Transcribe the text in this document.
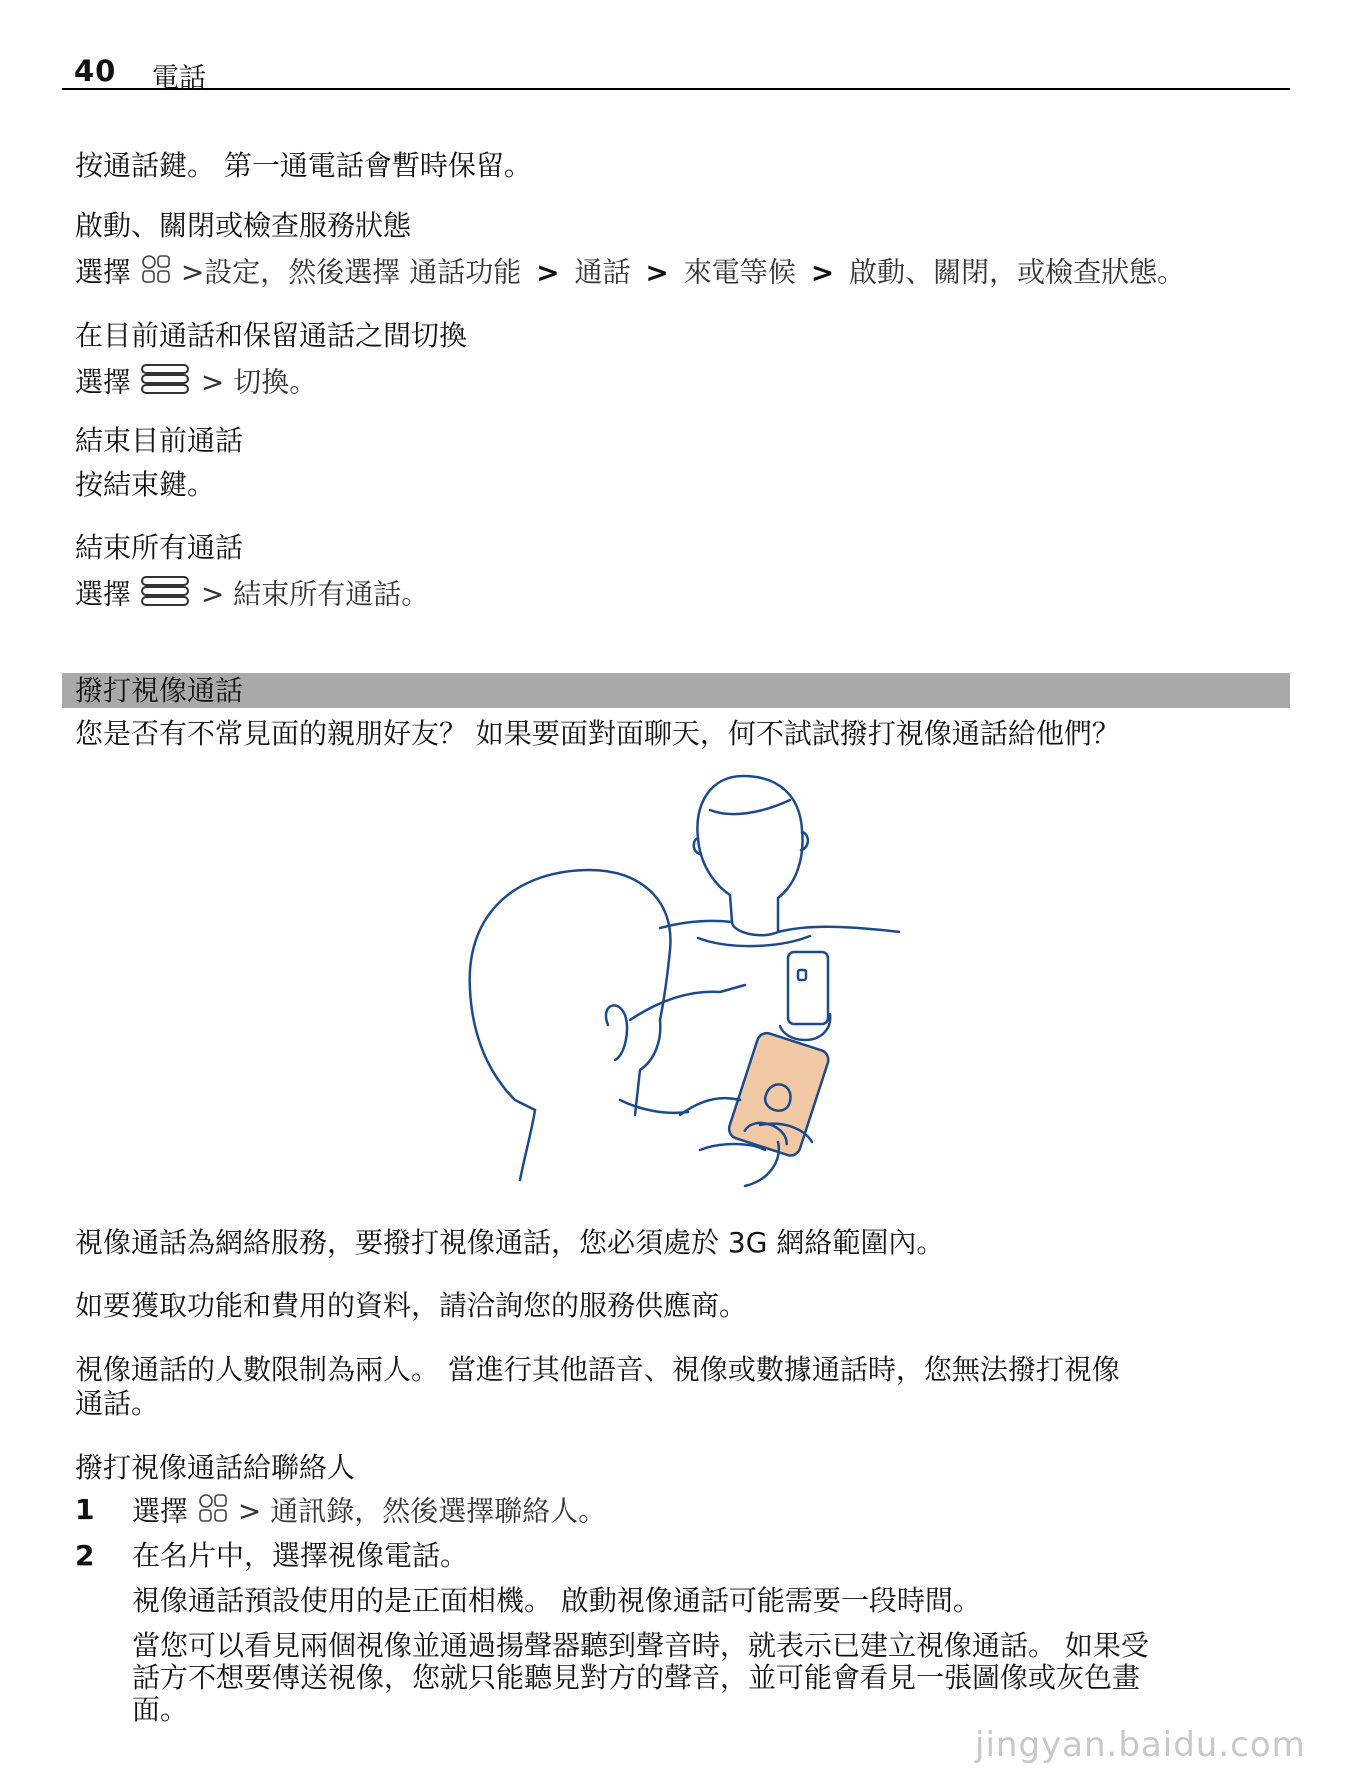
40 電話
按通話鍵。 第一通電話會暫時保留。
啟動、關閉或檢查服務狀態
選擇 >設定，然後選擇 通話功能 > 通話 > 來電等候 > 啟動、關閉，或檢查狀態。
在目前通話和保留通話之間切換
選擇 > 切換。
結束目前通話
按結束鍵。
結束所有通話
選擇 > 結束所有通話。
撥打視像通話
您是否有不常見面的親朋好友？ 如果要面對面聊天，何不試試撥打視像通話給他們？
視像通話為網絡服務，要撥打視像通話，您必須處於 3G 網絡範圍內。
如要獲取功能和費用的資料，請洽詢您的服務供應商。
視像通話的人數限制為兩人。 當進行其他語音、視像或數據通話時，您無法撥打視像
通話。
撥打視像通話給聯絡人
1 選擇 > 通訊錄，然後選擇聯絡人。
2 在名片中，選擇視像電話。
視像通話預設使用的是正面相機。 啟動視像通話可能需要一段時間。
當您可以看見兩個視像並通過揚聲器聽到聲音時，就表示已建立視像通話。 如果受
話方不想要傳送視像，您就只能聽見對方的聲音，並可能會看見一張圖像或灰色畫
面。
jingyan.baidu.com
